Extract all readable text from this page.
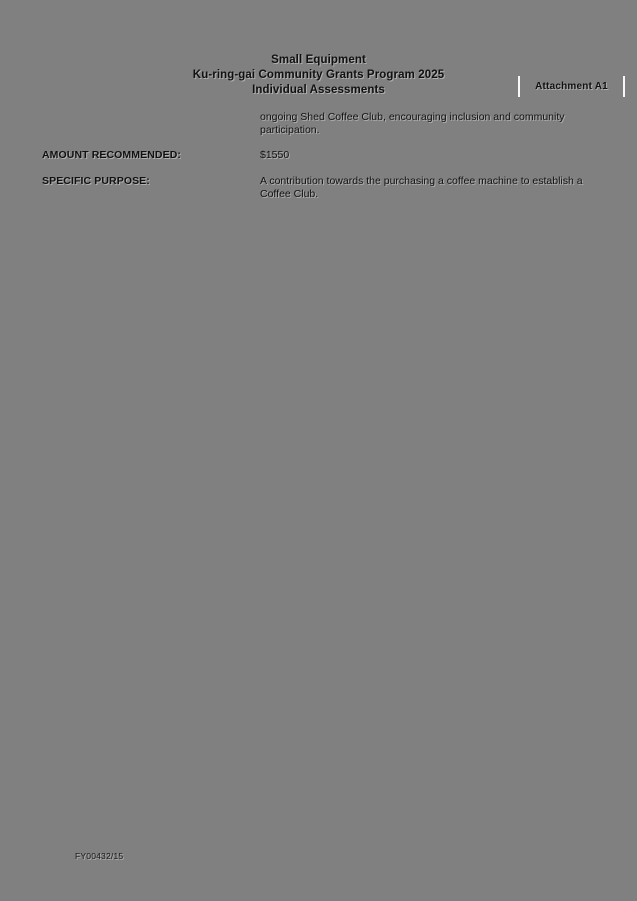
Small Equipment
Ku-ring-gai Community Grants Program 2025
Individual Assessments	Attachment A1
ongoing Shed Coffee Club, encouraging inclusion and community participation.
AMOUNT RECOMMENDED:	$1550
SPECIFIC PURPOSE:	A contribution towards the purchasing a coffee machine to establish a Coffee Club.
FY00432/15
